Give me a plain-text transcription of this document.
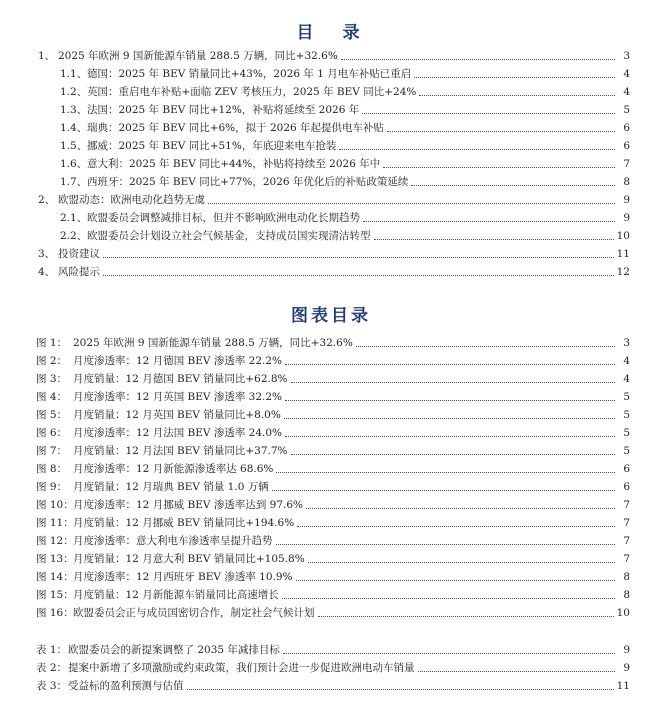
目　录
图表目录
1、 2025 年欧洲 9 国新能源车销量 288.5 万辆，同比+32.6%	3
1.1、 德国：2025 年 BEV 销量同比+43%，2026 年 1 月电车补贴已重启	4
1.2、 英国：重启电车补贴+面临 ZEV 考核压力，2025 年 BEV 同比+24%	4
1.3、 法国：2025 年 BEV 同比+12%，补贴将延续至 2026 年	5
1.4、 瑞典：2025 年 BEV 同比+6%，拟于 2026 年起提供电车补贴	6
1.5、 挪威：2025 年 BEV 同比+51%，年底迎来电车抢装	6
1.6、 意大利：2025 年 BEV 同比+44%，补贴将持续至 2026 年中	7
1.7、 西班牙：2025 年 BEV 同比+77%，2026 年优化后的补贴政策延续	8
2、 欧盟动态：欧洲电动化趋势无虞	9
2.1、 欧盟委员会调整减排目标，但并不影响欧洲电动化长期趋势	9
2.2、 欧盟委员会计划设立社会气候基金，支持成员国实现清洁转型	10
3、 投资建议	11
4、 风险提示	12
图 1： 2025 年欧洲 9 国新能源车销量 288.5 万辆，同比+32.6%	3
图 2： 月度渗透率：12 月德国 BEV 渗透率 22.2%	4
图 3： 月度销量：12 月德国 BEV 销量同比+62.8%	4
图 4： 月度渗透率：12 月英国 BEV 渗透率 32.2%	5
图 5： 月度销量：12 月英国 BEV 销量同比+8.0%	5
图 6： 月度渗透率：12 月法国 BEV 渗透率 24.0%	5
图 7： 月度销量：12 月法国 BEV 销量同比+37.7%	5
图 8： 月度渗透率：12 月新能源渗透率达 68.6%	6
图 9： 月度销量：12 月瑞典 BEV 销量 1.0 万辆	6
图 10： 月度渗透率：12 月挪威 BEV 渗透率达到 97.6%	7
图 11： 月度销量：12 月挪威 BEV 销量同比+194.6%	7
图 12： 月度渗透率：意大利电车渗透率呈提升趋势	7
图 13： 月度销量：12 月意大利 BEV 销量同比+105.8%	7
图 14： 月度渗透率：12 月西班牙 BEV 渗透率 10.9%	8
图 15： 月度销量：12 月新能源车销量同比高速增长	8
图 16： 欧盟委员会正与成员国密切合作，制定社会气候计划	10
表 1： 欧盟委员会的新提案调整了 2035 年减排目标	9
表 2： 提案中新增了多项激励或约束政策，我们预计会进一步促进欧洲电动车销量	9
表 3： 受益标的盈利预测与估值	11
